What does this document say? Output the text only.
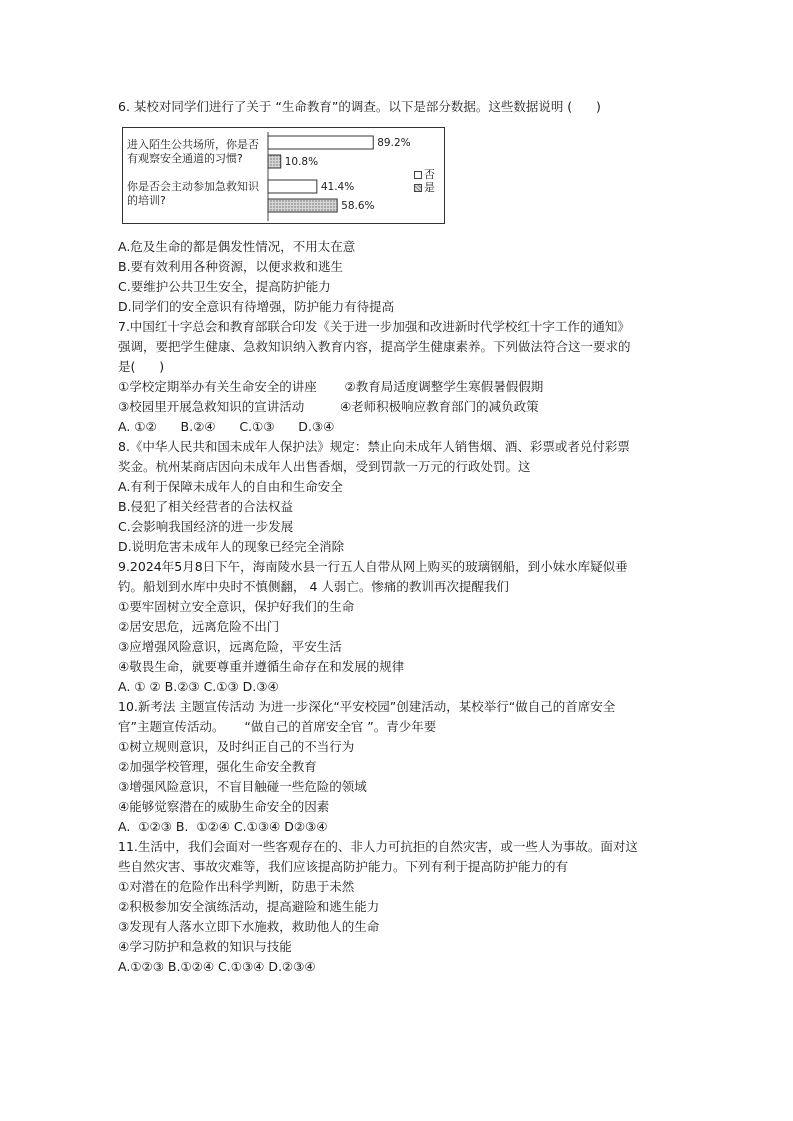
6. 某校对同学们进行了关于 “生命教育”的调查。以下是部分数据。这些数据说明 (      )
89.2%
10.8%
41.4%
58.6%
进入陌生公共场所，你是否
有观察安全通道的习惯?
你是否会主动参加急救知识
的培训?
否
是
A.危及生命的都是偶发性情况，不用太在意
B.要有效利用各种资源，以便求救和逃生
C.要维护公共卫生安全，提高防护能力
D.同学们的安全意识有待增强，防护能力有待提高
7.中国红十字总会和教育部联合印发《关于进一步加强和改进新时代学校红十字工作的通知》
强调，要把学生健康、急救知识纳入教育内容，提高学生健康素养。下列做法符合这一要求的
是(      )
①学校定期举办有关生命安全的讲座       ②教育局适度调整学生寒假暑假假期
③校园里开展急救知识的宣讲活动         ④老师积极响应教育部门的减负政策
A. ①②      B.②④      C.①③      D.③④
8.《中华人民共和国未成年人保护法》规定：禁止向未成年人销售烟、酒、彩票或者兑付彩票
奖金。杭州某商店因向未成年人出售香烟，受到罚款一万元的行政处罚。这
A.有利于保障未成年人的自由和生命安全
B.侵犯了相关经营者的合法权益
C.会影响我国经济的进一步发展
D.说明危害未成年人的现象已经完全消除
9.2024年5月8日下午，海南陵水县一行五人自带从网上购买的玻璃钢船，到小妹水库疑似垂
钓。船划到水库中央时不慎侧翻， 4 人弱亡。惨痛的教训再次提醒我们
①要牢固树立安全意识，保护好我们的生命
②居安思危，远离危险不出门
③应增强风险意识，远离危险，平安生活
④敬畏生命，就要尊重并遵循生命存在和发展的规律
A. ① ② B.②③ C.①③ D.③④
10.新考法 主题宣传活动 为进一步深化“平安校园”创建活动，某校举行“做自己的首席安全
官”主题宣传活动。     “做自己的首席安全官 ”。青少年要
①树立规则意识，及时纠正自己的不当行为
②加强学校管理，强化生命安全教育
③增强风险意识，不盲目触碰一些危险的领域
④能够觉察潜在的威胁生命安全的因素
A.  ①②③ B.  ①②④ C.①③④ D②③④
11.生活中，我们会面对一些客观存在的、非人力可抗拒的自然灾害，或一些人为事故。面对这
些自然灾害、事故灾难等，我们应该提高防护能力。下列有利于提高防护能力的有
①对潜在的危险作出科学判断，防患于未然
②积极参加安全演练活动，提高避险和逃生能力
③发现有人落水立即下水施救，救助他人的生命
④学习防护和急救的知识与技能
A.①②③ B.①②④ C.①③④ D.②③④
